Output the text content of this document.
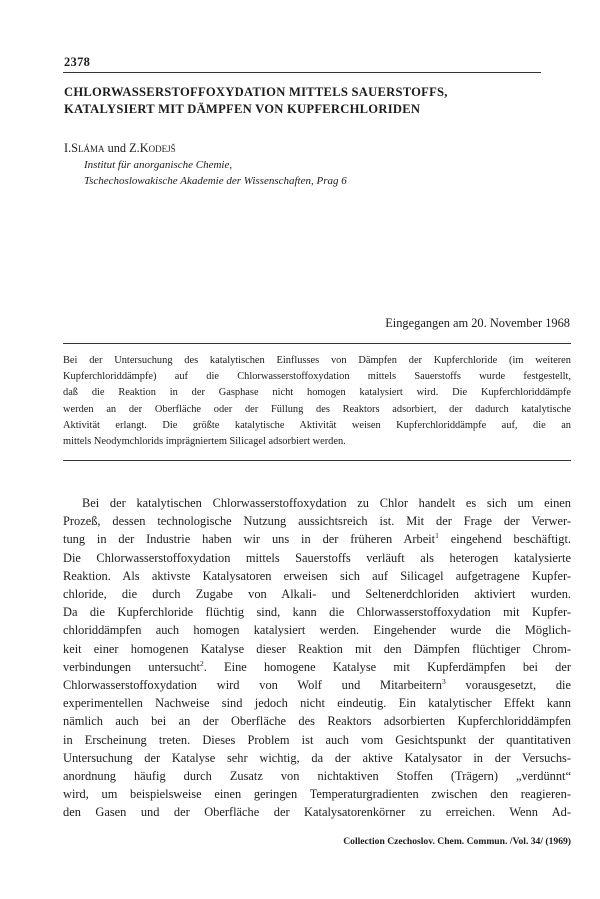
2378
CHLORWASSERSTOFFOXYDATION MITTELS SAUERSTOFFS,
KATALYSIERT MIT DÄMPFEN VON KUPFERCHLORIDEN
I.Sláma und Z.Kodejš
Institut für anorganische Chemie,
Tschechoslowakische Akademie der Wissenschaften, Prag 6
Eingegangen am 20. November 1968
Bei der Untersuchung des katalytischen Einflusses von Dämpfen der Kupferchloride (im weiteren
Kupferchloriddämpfe) auf die Chlorwasserstoffoxydation mittels Sauerstoffs wurde festgestellt,
daß die Reaktion in der Gasphase nicht homogen katalysiert wird. Die Kupferchloriddämpfe
werden an der Oberfläche oder der Füllung des Reaktors adsorbiert, der dadurch katalytische
Aktivität erlangt. Die größte katalytische Aktivität weisen Kupferchloriddämpfe auf, die an
mittels Neodymchlorids imprägniertem Silicagel adsorbiert werden.
Bei der katalytischen Chlorwasserstoffoxydation zu Chlor handelt es sich um einen
Prozeß, dessen technologische Nutzung aussichtsreich ist. Mit der Frage der Verwer-
tung in der Industrie haben wir uns in der früheren Arbeit$^1$ eingehend beschäftigt.
Die Chlorwasserstoffoxydation mittels Sauerstoffs verläuft als heterogen katalysierte
Reaktion. Als aktivste Katalysatoren erweisen sich auf Silicagel aufgetragene Kupfer-
chloride, die durch Zugabe von Alkali- und Seltenerdchloriden aktiviert wurden.
Da die Kupferchloride flüchtig sind, kann die Chlorwasserstoffoxydation mit Kupfer-
chloriddämpfen auch homogen katalysiert werden. Eingehender wurde die Möglich-
keit einer homogenen Katalyse dieser Reaktion mit den Dämpfen flüchtiger Chrom-
verbindungen untersucht$^2$. Eine homogene Katalyse mit Kupferdämpfen bei der
Chlorwasserstoffoxydation wird von Wolf und Mitarbeitern$^3$ vorausgesetzt, die
experimentellen Nachweise sind jedoch nicht eindeutig. Ein katalytischer Effekt kann
nämlich auch bei an der Oberfläche des Reaktors adsorbierten Kupferchloriddämpfen
in Erscheinung treten. Dieses Problem ist auch vom Gesichtspunkt der quantitativen
Untersuchung der Katalyse sehr wichtig, da der aktive Katalysator in der Versuchs-
anordnung häufig durch Zusatz von nichtaktiven Stoffen (Trägern) „verdünnt“
wird, um beispielsweise einen geringen Temperaturgradienten zwischen den reagieren-
den Gasen und der Oberfläche der Katalysatorenkörner zu erreichen. Wenn Ad-
Collection Czechoslov. Chem. Commun. /Vol. 34/ (1969)
